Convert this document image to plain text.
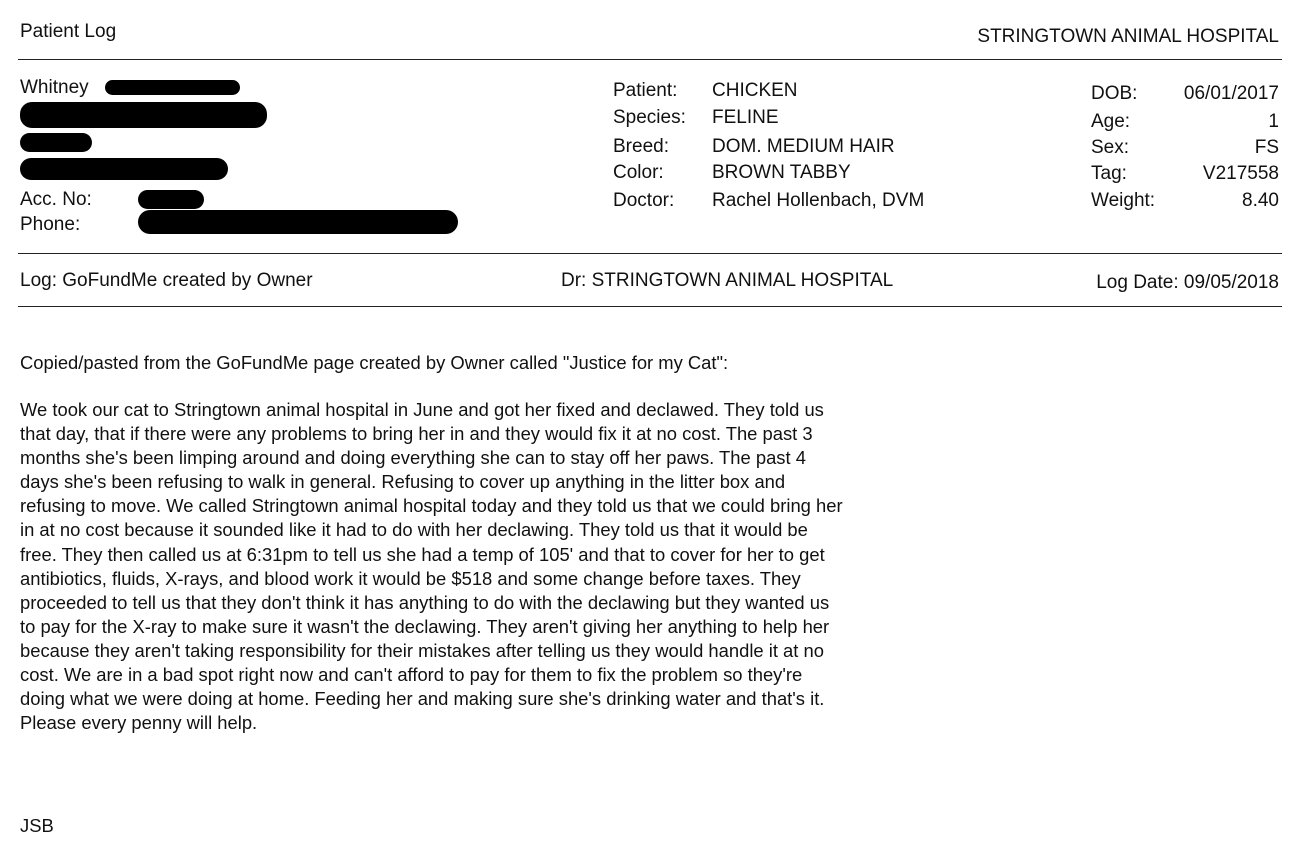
Patient Log	STRINGTOWN ANIMAL HOSPITAL
Whitney
Acc. No:
Phone:
Patient: CHICKEN
Species: FELINE
Breed: DOM. MEDIUM HAIR
Color:	BROWN TABBY
Doctor: Rachel Hollenbach, DVM
DOB: 06/01/2017
Age:	1
Sex:	FS
Tag:	V217558
Weight:	8.40
Log: GoFundMe created by Owner	Dr: STRINGTOWN ANIMAL HOSPITAL	Log Date: 09/05/2018
Copied/pasted from the GoFundMe page created by Owner called "Justice for my Cat":

We took our cat to Stringtown animal hospital in June and got her fixed and declawed. They told us
that day, that if there were any problems to bring her in and they would fix it at no cost. The past 3
months she's been limping around and doing everything she can to stay off her paws. The past 4
days she's been refusing to walk in general. Refusing to cover up anything in the litter box and
refusing to move. We called Stringtown animal hospital today and they told us that we could bring her
in at no cost because it sounded like it had to do with her declawing. They told us that it would be
free. They then called us at 6:31pm to tell us she had a temp of 105' and that to cover for her to get
antibiotics, fluids, X-rays, and blood work it would be $518 and some change before taxes. They
proceeded to tell us that they don't think it has anything to do with the declawing but they wanted us
to pay for the X-ray to make sure it wasn't the declawing. They aren't giving her anything to help her
because they aren't taking responsibility for their mistakes after telling us they would handle it at no
cost. We are in a bad spot right now and can't afford to pay for them to fix the problem so they're
doing what we were doing at home. Feeding her and making sure she's drinking water and that's it.
Please every penny will help.

JSB
